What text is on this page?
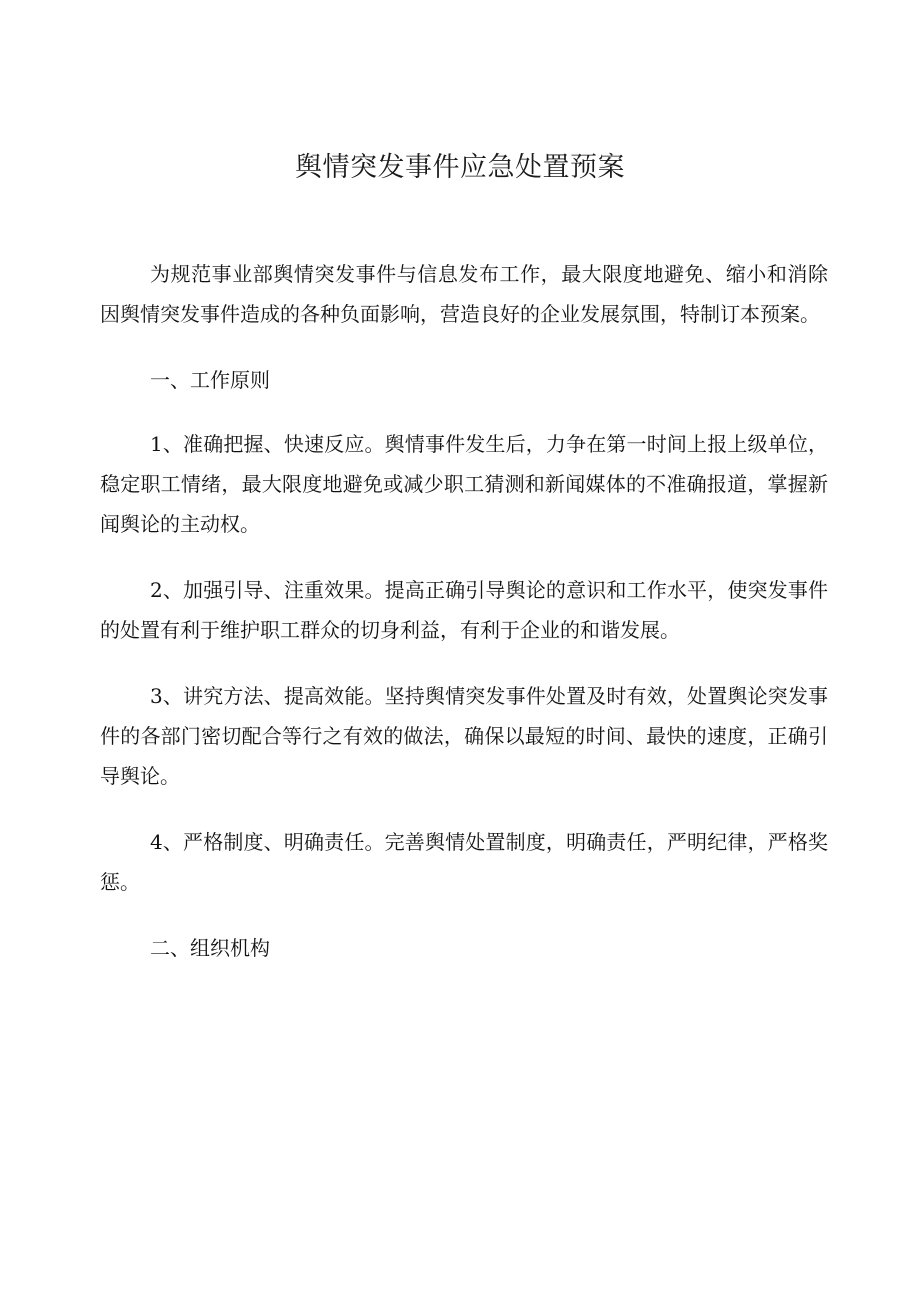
舆情突发事件应急处置预案

为规范事业部舆情突发事件与信息发布工作，最大限度地避免、缩小和消除因舆情突发事件造成的各种负面影响，营造良好的企业发展氛围，特制订本预案。

一、工作原则

1、准确把握、快速反应。舆情事件发生后，力争在第一时间上报上级单位，稳定职工情绪，最大限度地避免或减少职工猜测和新闻媒体的不准确报道，掌握新闻舆论的主动权。

2、加强引导、注重效果。提高正确引导舆论的意识和工作水平，使突发事件的处置有利于维护职工群众的切身利益，有利于企业的和谐发展。

3、讲究方法、提高效能。坚持舆情突发事件处置及时有效，处置舆论突发事件的各部门密切配合等行之有效的做法，确保以最短的时间、最快的速度，正确引导舆论。

4、严格制度、明确责任。完善舆情处置制度，明确责任，严明纪律，严格奖惩。

二、组织机构
